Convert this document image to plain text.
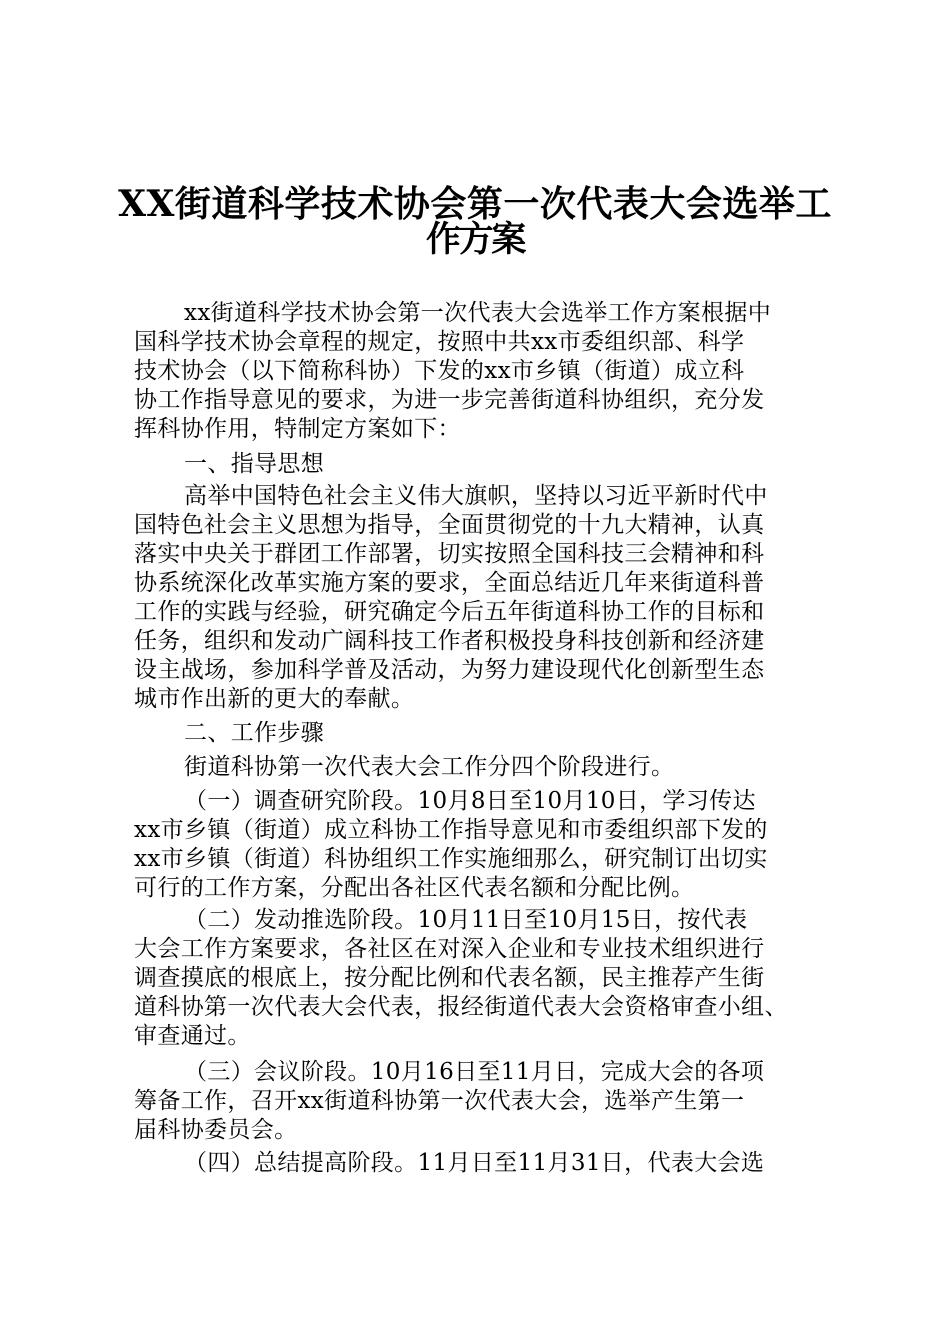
XX街道科学技术协会第一次代表大会选举工
作方案
xx街道科学技术协会第一次代表大会选举工作方案根据中
国科学技术协会章程的规定，按照中共xx市委组织部、科学
技术协会（以下简称科协）下发的xx市乡镇（街道）成立科
协工作指导意见的要求，为进一步完善街道科协组织，充分发
挥科协作用，特制定方案如下：
一、指导思想
高举中国特色社会主义伟大旗帜，坚持以习近平新时代中
国特色社会主义思想为指导，全面贯彻党的十九大精神，认真
落实中央关于群团工作部署，切实按照全国科技三会精神和科
协系统深化改革实施方案的要求，全面总结近几年来街道科普
工作的实践与经验，研究确定今后五年街道科协工作的目标和
任务，组织和发动广阔科技工作者积极投身科技创新和经济建
设主战场，参加科学普及活动，为努力建设现代化创新型生态
城市作出新的更大的奉献。
二、工作步骤
街道科协第一次代表大会工作分四个阶段进行。
（一）调查研究阶段。10月8日至10月10日，学习传达
xx市乡镇（街道）成立科协工作指导意见和市委组织部下发的
xx市乡镇（街道）科协组织工作实施细那么，研究制订出切实
可行的工作方案，分配出各社区代表名额和分配比例。
（二）发动推选阶段。10月11日至10月15日，按代表
大会工作方案要求，各社区在对深入企业和专业技术组织进行
调查摸底的根底上，按分配比例和代表名额，民主推荐产生街
道科协第一次代表大会代表，报经街道代表大会资格审查小组、
审查通过。
（三）会议阶段。10月16日至11月日，完成大会的各项
筹备工作，召开xx街道科协第一次代表大会，选举产生第一
届科协委员会。
（四）总结提高阶段。11月日至11月31日，代表大会选
